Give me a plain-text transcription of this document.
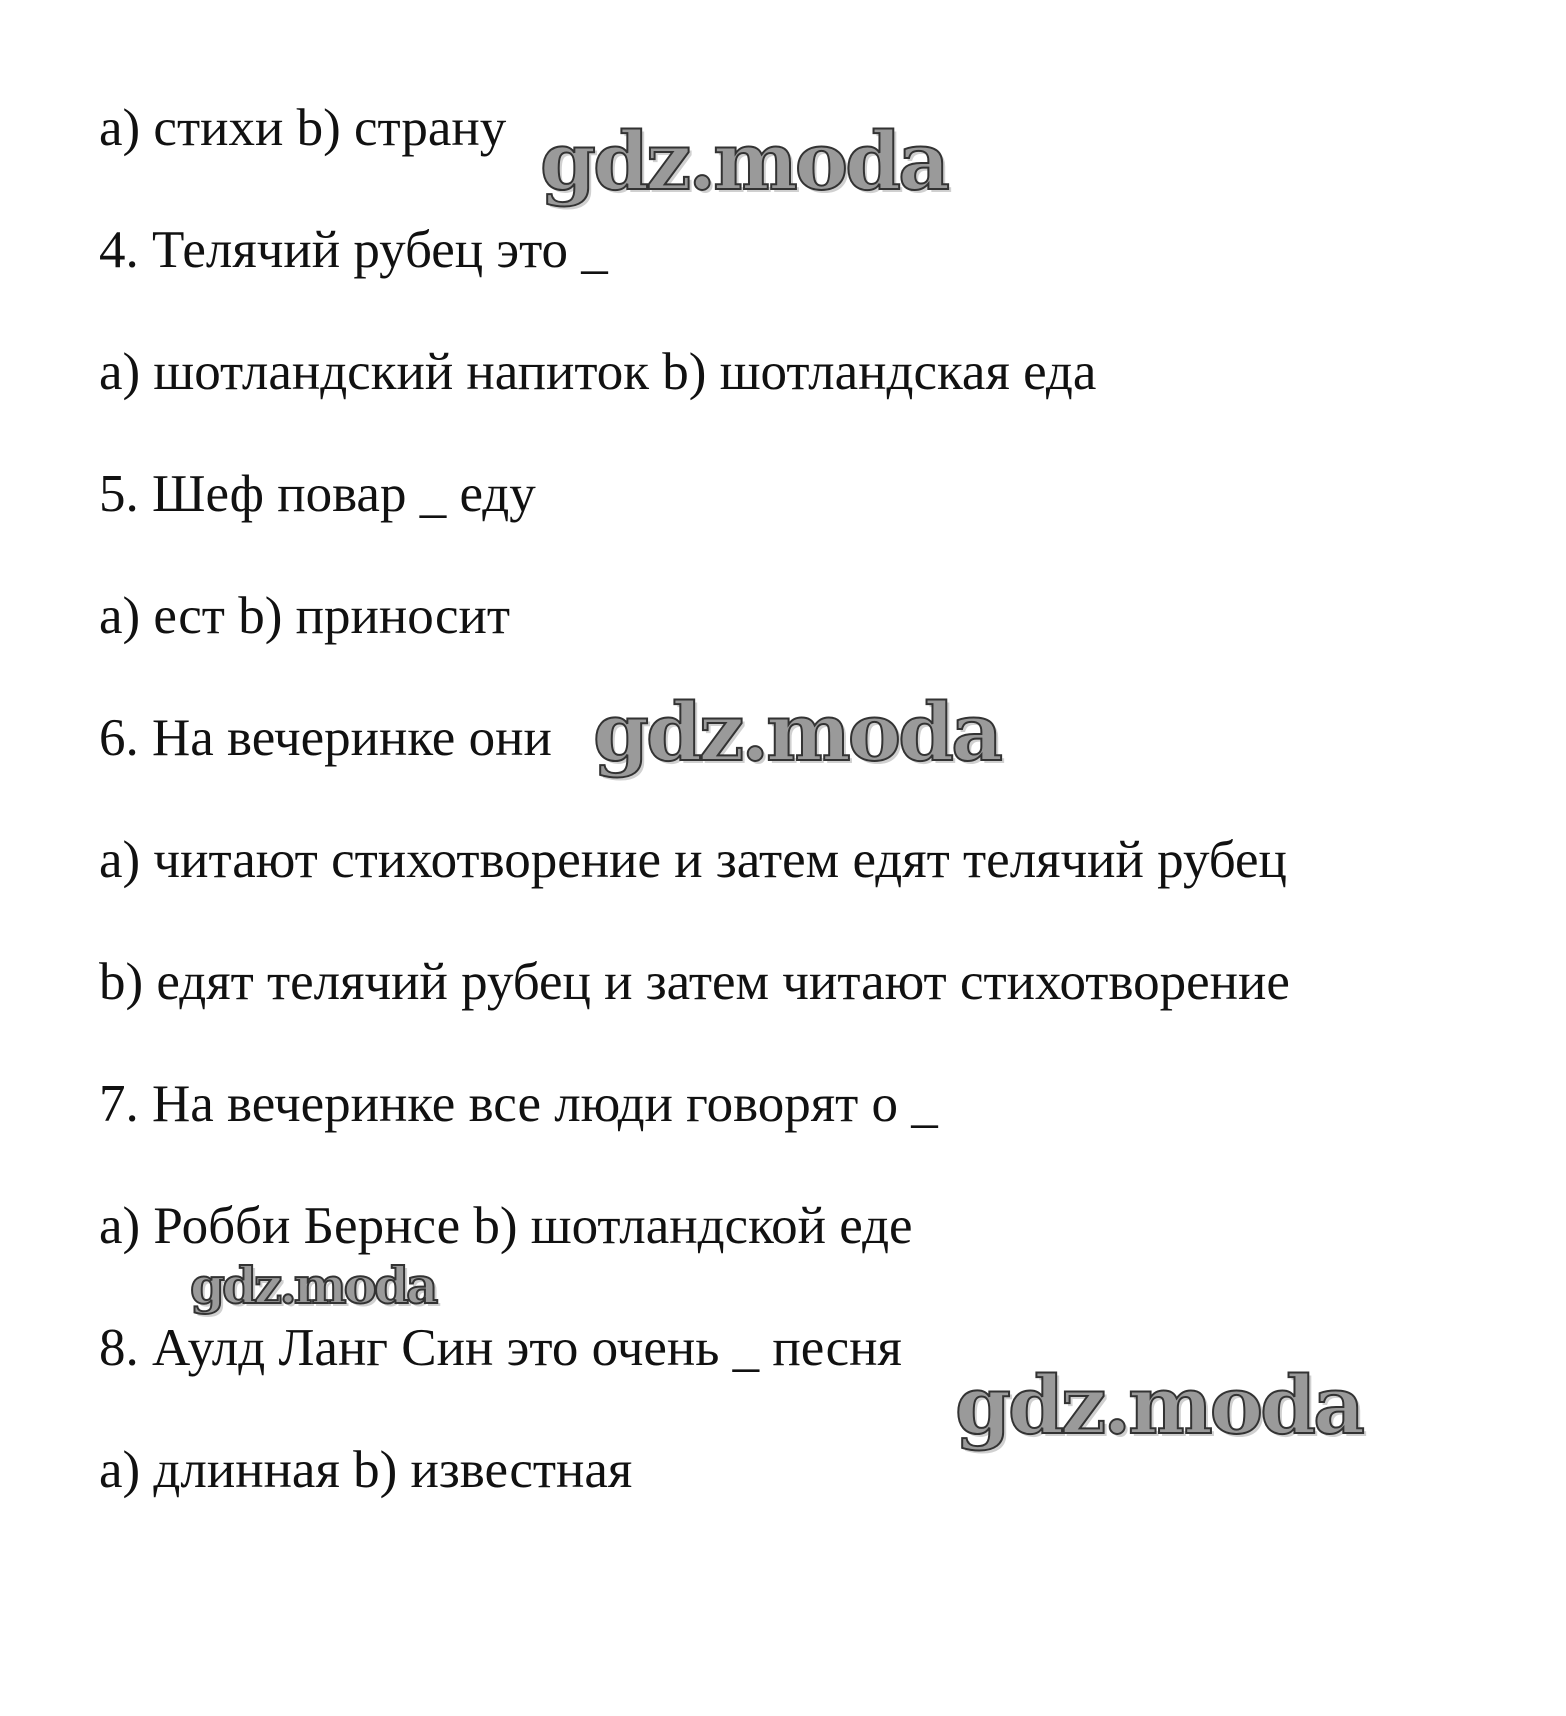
a) стихи b) страну
4. Телячий рубец это _
a) шотландский напиток b) шотландская еда
5. Шеф повар _ еду
a) ест b) приносит
6. На вечеринке они
a) читают стихотворение и затем едят телячий рубец
b) едят телячий рубец и затем читают стихотворение
7. На вечеринке все люди говорят о _
a) Робби Бернсе b) шотландской еде
8. Аулд Ланг Син это очень _ песня
a) длинная b) известная
gdz.moda
gdz.moda
gdz.moda
gdz.moda
